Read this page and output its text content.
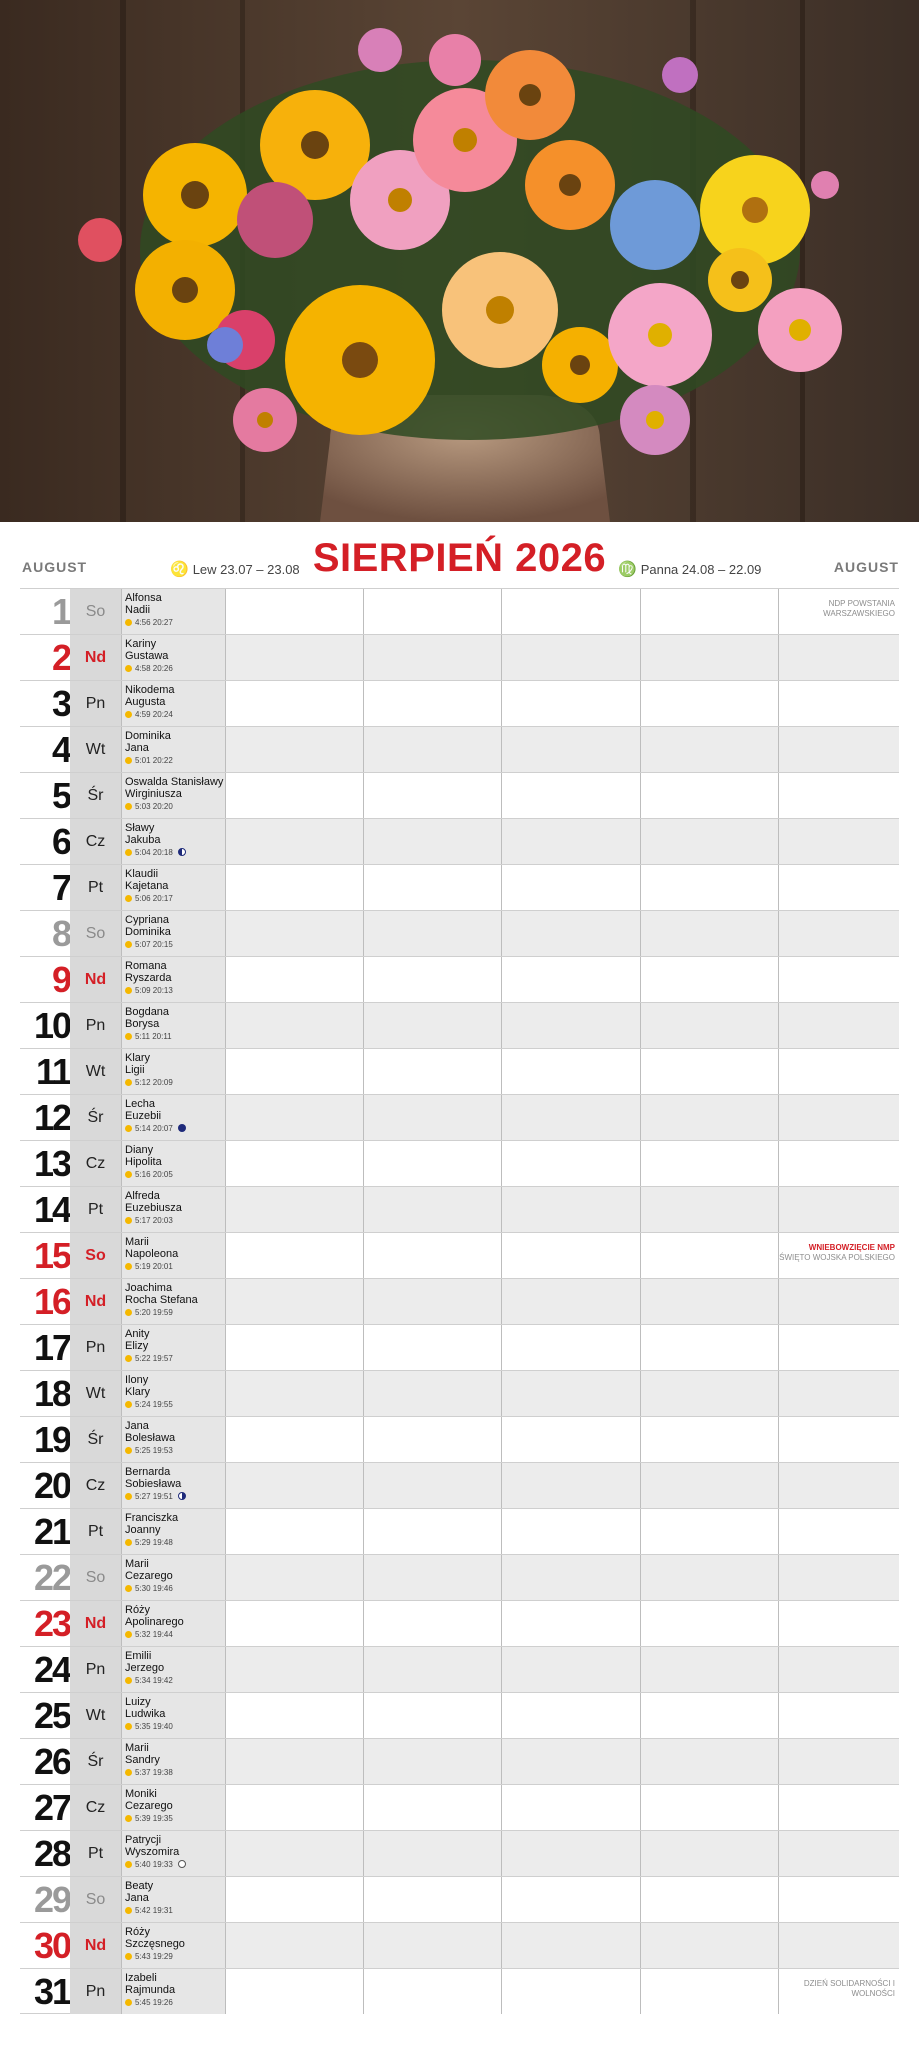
AUGUST	♌ Lew 23.07 – 23.08 SIERPIEŃ 2026 ♍ Panna 24.08 – 22.09	AUGUST
1 So
Alfonsa
Nadii
4:56 20:27
NDP POWSTANIA WARSZAWSKIEGO
2 Nd
Kariny
Gustawa
4:58 20:26
3 Pn
Nikodema
Augusta
4:59 20:24
4 Wt
Dominika
Jana
5:01 20:22
5	Śr
Oswalda Stanisławy
Wirginiusza
5:03 20:20
6 Cz
Sławy
Jakuba
5:04 20:18
7	Pt
Klaudii
Kajetana
5:06 20:17
8 So
Cypriana
Dominika
5:07 20:15
9 Nd
Romana
Ryszarda
5:09 20:13
10 Pn
Bogdana
Borysa
5:11 20:11
11 Wt
Klary
Ligii
5:12 20:09
12	Śr
Lecha
Euzebii
5:14 20:07
13 Cz
Diany
Hipolita
5:16 20:05
14	Pt
Alfreda
Euzebiusza
5:17 20:03
15 So
Marii
Napoleona
5:19 20:01
WNIEBOWZIĘCIE NMP
ŚWIĘTO WOJSKA POLSKIEGO
16 Nd
Joachima
Rocha Stefana
5:20 19:59
17 Pn
Anity
Elizy
5:22 19:57
18 Wt
Ilony
Klary
5:24 19:55
19	Śr
Jana
Bolesława
5:25 19:53
20 Cz
Bernarda
Sobiesława
5:27 19:51
21	Pt
Franciszka
Joanny
5:29 19:48
22 So
Marii
Cezarego
5:30 19:46
23 Nd
Róży
Apolinarego
5:32 19:44
24 Pn
Emilii
Jerzego
5:34 19:42
25 Wt
Luizy
Ludwika
5:35 19:40
26	Śr
Marii
Sandry
5:37 19:38
27 Cz
Moniki
Cezarego
5:39 19:35
28	Pt
Patrycji
Wyszomira
5:40 19:33
29 So
Beaty
Jana
5:42 19:31
30 Nd
Róży
Szczęsnego
5:43 19:29
31 Pn
Izabeli
Rajmunda
5:45 19:26
DZIEŃ SOLIDARNOŚCI I WOLNOŚCI
